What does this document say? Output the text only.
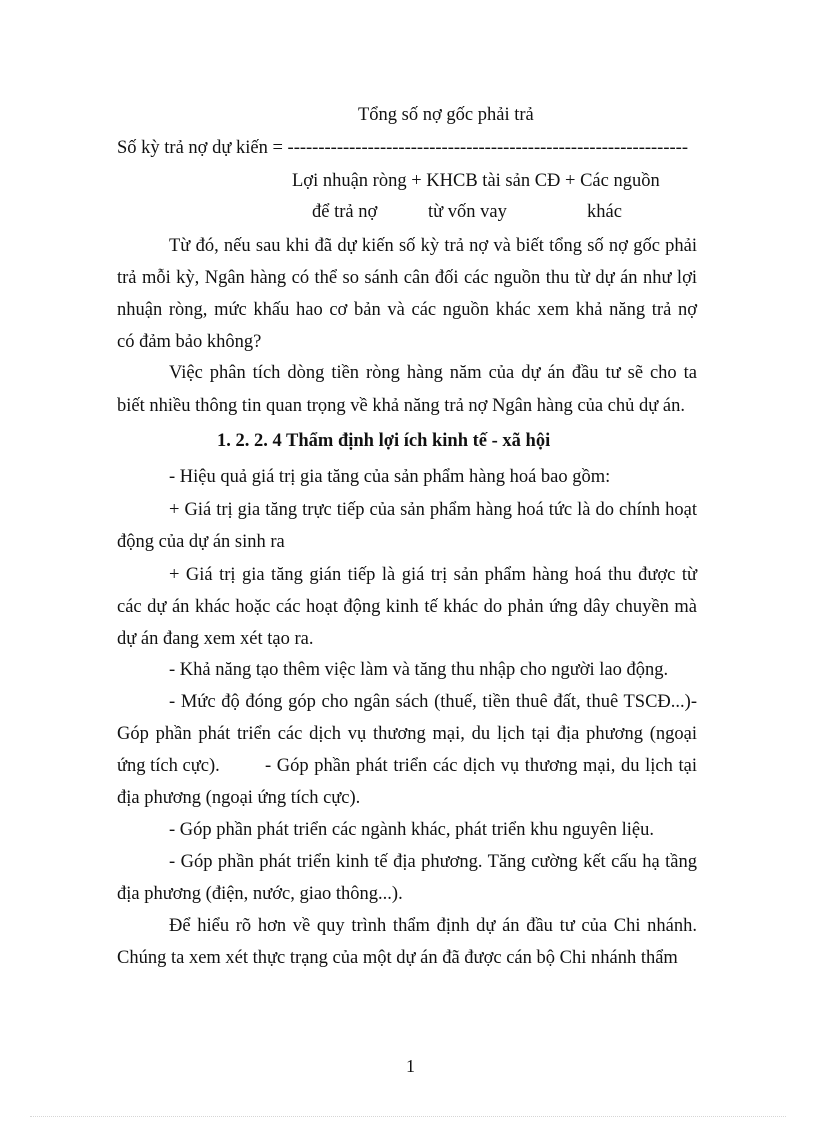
Tổng số nợ gốc phải trả
Số kỳ trả nợ dự kiến = -----------------------------------------------------------------
Lợi nhuận ròng + KHCB tài sản CĐ + Các nguồn
để trả nợ	từ vốn vay	khác
Từ đó, nếu sau khi đã dự kiến số kỳ trả nợ và biết tổng số nợ gốc phải
trả mỗi kỳ, Ngân hàng có thể so sánh cân đối các nguồn thu từ dự án như lợi
nhuận ròng, mức khấu hao cơ bản và các nguồn khác xem khả năng trả nợ
có đảm bảo không?
Việc phân tích dòng tiền ròng hàng năm của dự án đầu tư sẽ cho ta
biết nhiều thông tin quan trọng về khả năng trả nợ Ngân hàng của chủ dự án.
1. 2. 2. 4 Thẩm định lợi ích kinh tế - xã hội
- Hiệu quả giá trị gia tăng của sản phẩm hàng hoá bao gồm:
+ Giá trị gia tăng trực tiếp của sản phẩm hàng hoá tức là do chính hoạt
động của dự án sinh ra
+ Giá trị gia tăng gián tiếp là giá trị sản phẩm hàng hoá thu được từ
các dự án khác hoặc các hoạt động kinh tế khác do phản ứng dây chuyền mà
dự án đang xem xét tạo ra.
- Khả năng tạo thêm việc làm và tăng thu nhập cho người lao động.
- Mức độ đóng góp cho ngân sách (thuế, tiền thuê đất, thuê TSCĐ...)-
Góp phần phát triển các dịch vụ thương mại, du lịch tại địa phương (ngoại
ứng tích cực). - Góp phần phát triển các dịch vụ thương mại, du lịch tại
địa phương (ngoại ứng tích cực).
- Góp phần phát triển các ngành khác, phát triển khu nguyên liệu.
- Góp phần phát triển kinh tế địa phương. Tăng cường kết cấu hạ tầng
địa phương (điện, nước, giao thông...).
Để hiểu rõ hơn về quy trình thẩm định dự án đầu tư của Chi nhánh.
Chúng ta xem xét thực trạng của một dự án đã được cán bộ Chi nhánh thẩm
1
